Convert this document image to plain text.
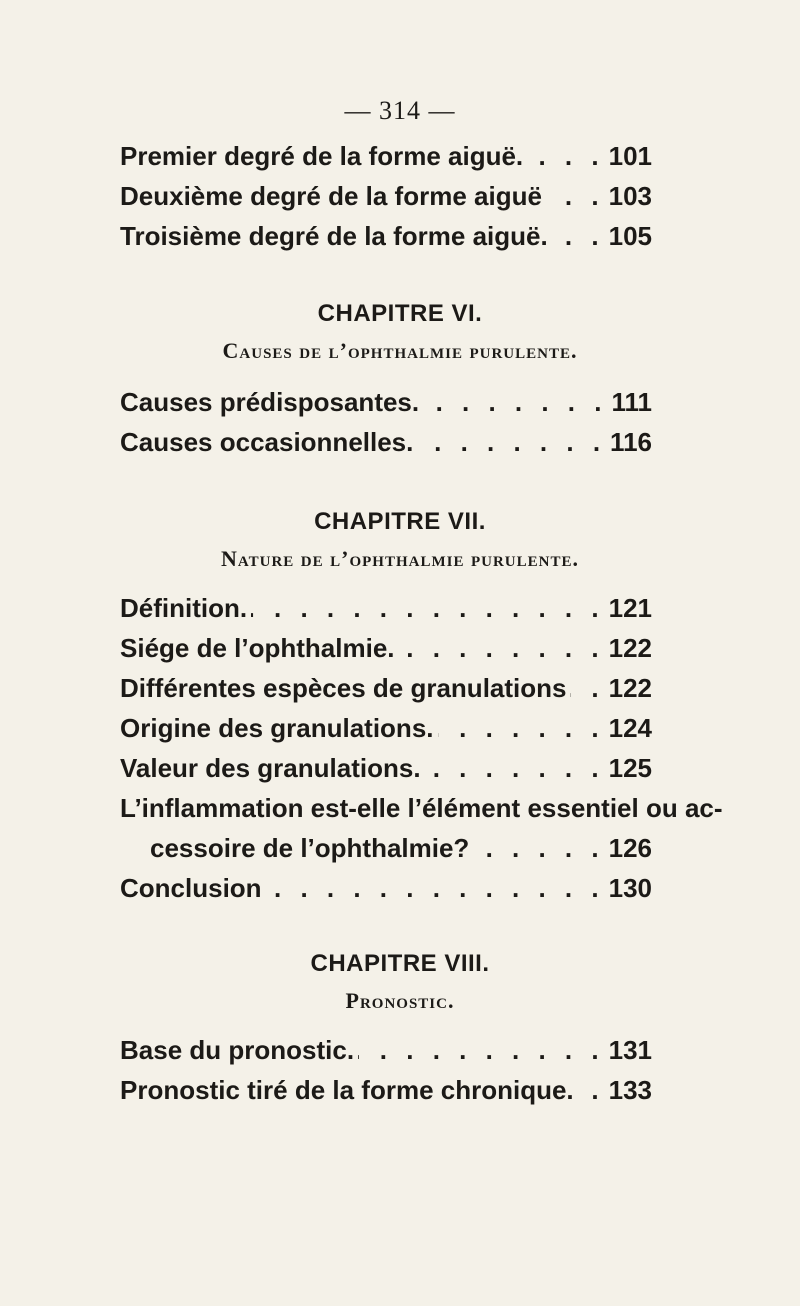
— 314 —
Premier degré de la forme aiguë. . . .	101
Deuxième degré de la forme aiguë . . .	103
Troisième degré de la forme aiguë. . . . 105
CHAPITRE VI.
Causes de l’ophthalmie purulente.
Causes prédisposantes. . . .	111
Causes occasionnelles. . . .	116
CHAPITRE VII.
Nature de l’ophthalmie purulente.
Définition. . . .	121
Siége de l’ophthalmie. . . .	122
Différentes espèces de granulations . . . 122
Origine des granulations. . . .	124
Valeur des granulations. . . .	125
L’inflammation est-elle l’élément essentiel ou ac-
cessoire de l’ophthalmie? . . .	126
Conclusion . . .	130
CHAPITRE VIII.
Pronostic.
Base du pronostic. . . .	131
Pronostic tiré de la forme chronique. . . . 133
